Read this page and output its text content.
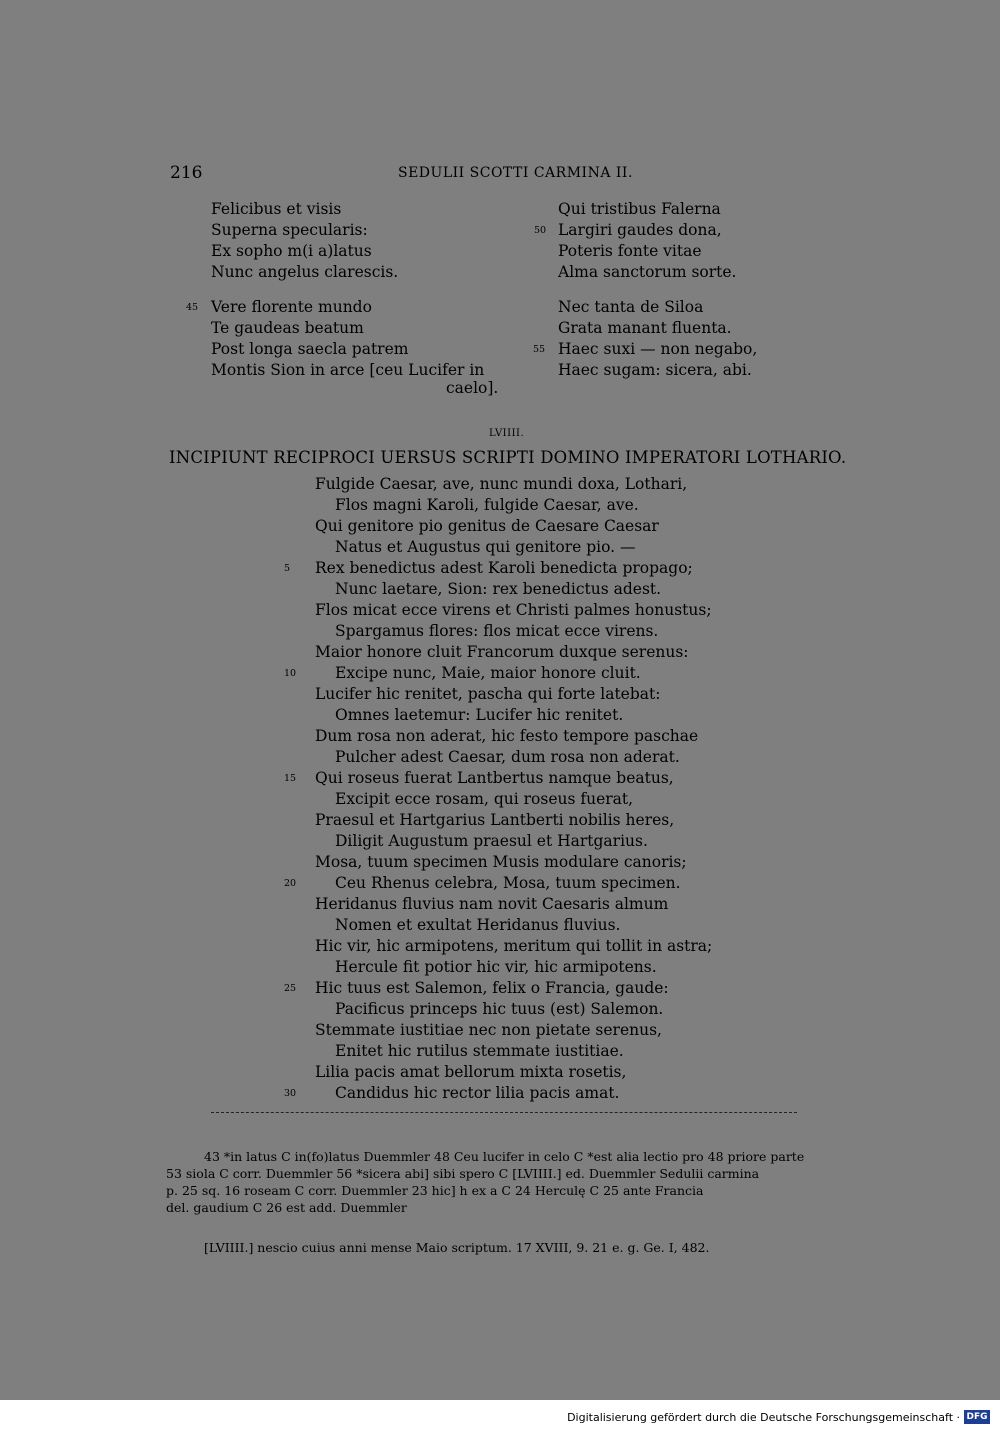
216	SEDULII SCOTTI CARMINA II.
Felicibus et visis
Superna specularis:
Ex sopho m(i a)latus
Nunc angelus clarescis.
45 Vere florente mundo
Te gaudeas beatum
Post longa saecla patrem
Montis Sion in arce [ceu Lucifer in
caelo].
Qui tristibus Falerna
50 Largiri gaudes dona,
Poteris fonte vitae
Alma sanctorum sorte.
Nec tanta de Siloa
Grata manant fluenta.
55 Haec suxi — non negabo,
Haec sugam: sicera, abi.
LVIIII.
INCIPIUNT RECIPROCI UERSUS SCRIPTI DOMINO IMPERATORI LOTHARIO.
Fulgide Caesar, ave, nunc mundi doxa, Lothari,
Flos magni Karoli, fulgide Caesar, ave.
Qui genitore pio genitus de Caesare Caesar
Natus et Augustus qui genitore pio. —
Rex benedictus adest Karoli benedicta propago;
5
Nunc laetare, Sion: rex benedictus adest.
Flos micat ecce virens et Christi palmes honustus;
Spargamus flores: flos micat ecce virens.
Maior honore cluit Francorum duxque serenus:
Excipe nunc, Maie, maior honore cluit.
10
Lucifer hic renitet, pascha qui forte latebat:
Omnes laetemur: Lucifer hic renitet.
Dum rosa non aderat, hic festo tempore paschae
Pulcher adest Caesar, dum rosa non aderat.
Qui roseus fuerat Lantbertus namque beatus,
15
Excipit ecce rosam, qui roseus fuerat,
Praesul et Hartgarius Lantberti nobilis heres,
Diligit Augustum praesul et Hartgarius.
Mosa, tuum specimen Musis modulare canoris;
Ceu Rhenus celebra, Mosa, tuum specimen.
20
Heridanus fluvius nam novit Caesaris almum
Nomen et exultat Heridanus fluvius.
Hic vir, hic armipotens, meritum qui tollit in astra;
Hercule fit potior hic vir, hic armipotens.
Hic tuus est Salemon, felix o Francia, gaude:
25
Pacificus princeps hic tuus (est) Salemon.
Stemmate iustitiae nec non pietate serenus,
Enitet hic rutilus stemmate iustitiae.
Lilia pacis amat bellorum mixta rosetis,
Candidus hic rector lilia pacis amat.
30
43 *in latus C in(fo)latus Duemmler 48 Ceu lucifer in celo C *est alia lectio pro 48 priore parte
53 siola C corr. Duemmler 56 *sicera abi] sibi spero C [LVIIII.] ed. Duemmler Sedulii carmina
p. 25 sq. 16 roseam C corr. Duemmler 23 hic] h ex a C 24 Herculę C 25 ante Francia
del. gaudium C 26 est add. Duemmler
[LVIIII.] nescio cuius anni mense Maio scriptum. 17 XVIII, 9. 21 e. g. Ge. I, 482.
Digitalisierung gefördert durch die Deutsche Forschungsgemeinschaft · DFG
